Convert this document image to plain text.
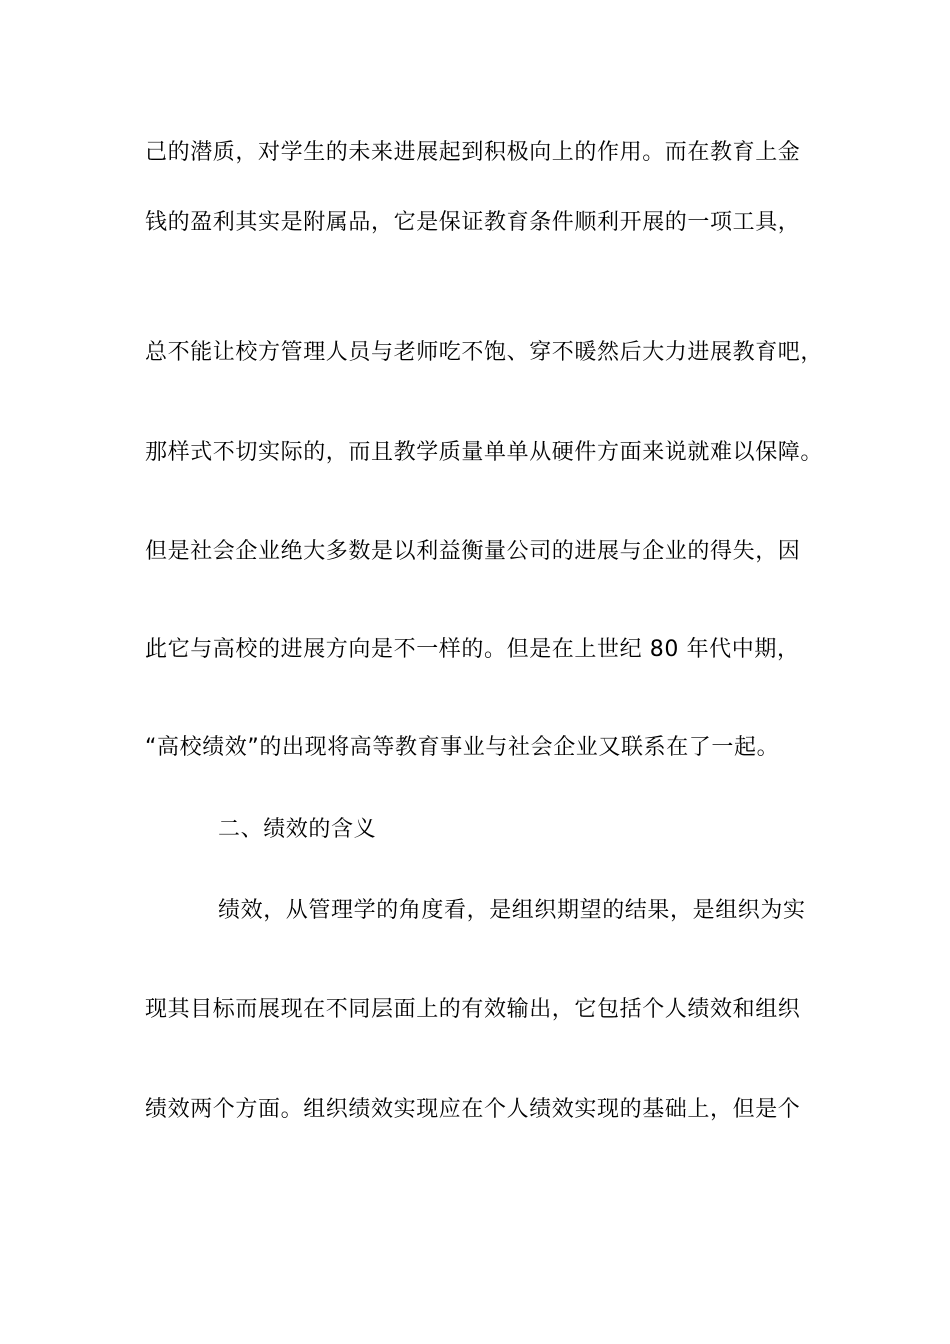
己的潜质，对学生的未来进展起到积极向上的作用。而在教育上金
钱的盈利其实是附属品，它是保证教育条件顺利开展的一项工具，
总不能让校方管理人员与老师吃不饱、穿不暖然后大力进展教育吧，
那样式不切实际的，而且教学质量单单从硬件方面来说就难以保障。
但是社会企业绝大多数是以利益衡量公司的进展与企业的得失，因
此它与高校的进展方向是不一样的。但是在上世纪 80 年代中期，
“高校绩效”的出现将高等教育事业与社会企业又联系在了一起。
二、绩效的含义
绩效，从管理学的角度看，是组织期望的结果，是组织为实
现其目标而展现在不同层面上的有效输出，它包括个人绩效和组织
绩效两个方面。组织绩效实现应在个人绩效实现的基础上，但是个
